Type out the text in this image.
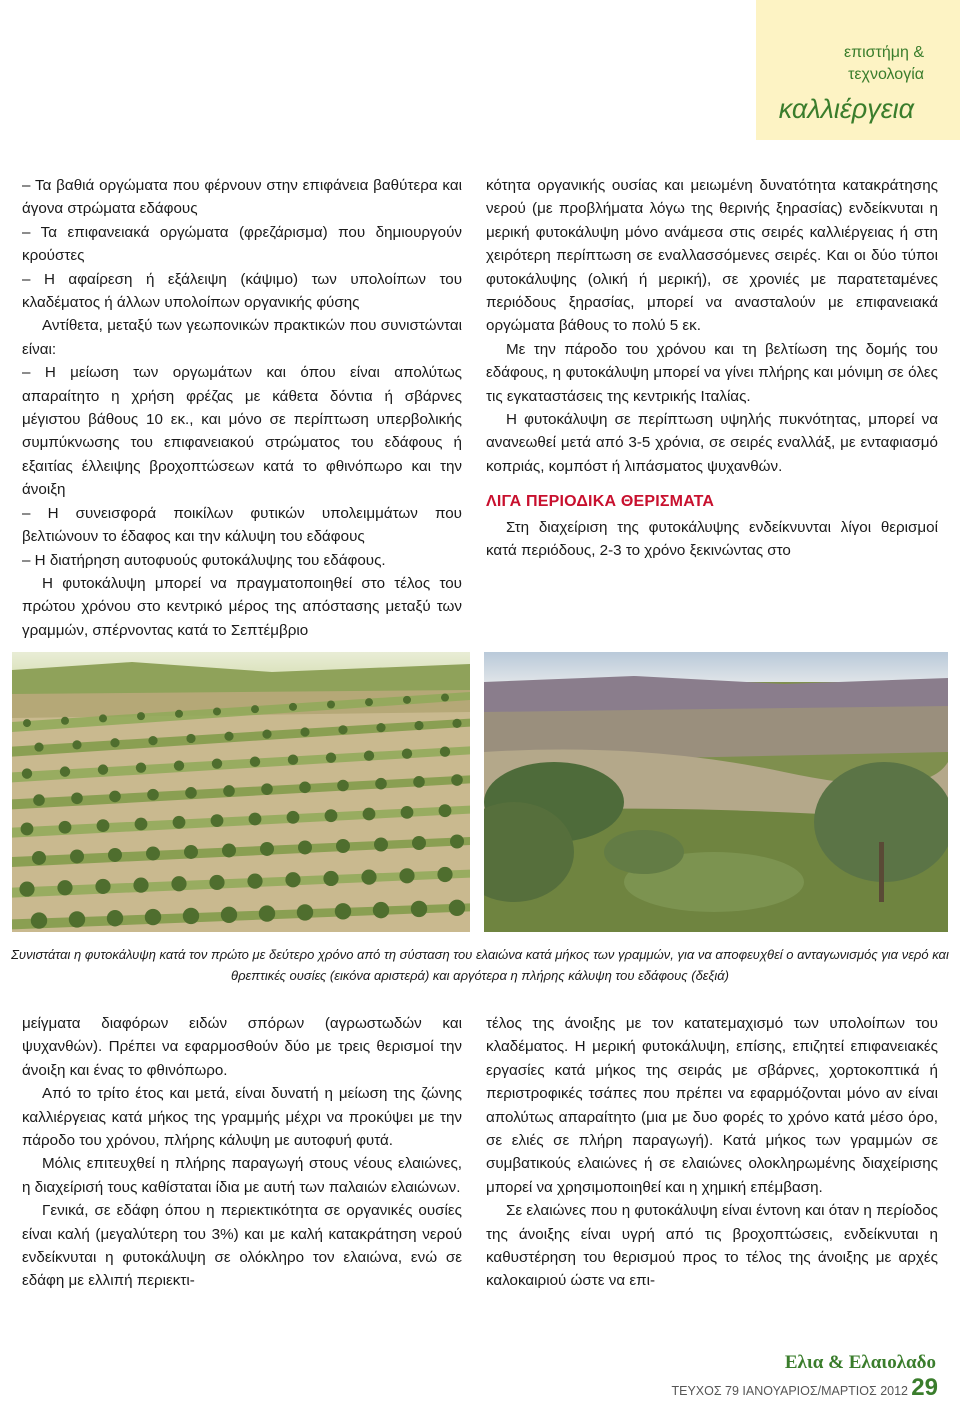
επιστήμη &
τεχνολογία
καλλιέργεια

– Τα βαθιά οργώματα που φέρνουν στην επιφάνεια βαθύτερα και άγονα στρώματα εδάφους

– Τα επιφανειακά οργώματα (φρεζάρισμα) που δημιουργούν κρούστες

– Η αφαίρεση ή εξάλειψη (κάψιμο) των υπολοίπων του κλαδέματος ή άλλων υπολοίπων οργανικής φύσης

Αντίθετα, μεταξύ των γεωπονικών πρακτικών που συνιστώνται είναι:

– Η μείωση των οργωμάτων και όπου είναι απολύτως απαραίτητο η χρήση φρέζας με κάθετα δόντια ή σβάρνες μέγιστου βάθους 10 εκ., και μόνο σε περίπτωση υπερβολικής συμπύκνωσης του επιφανειακού στρώματος του εδάφους ή εξαιτίας έλλειψης βροχοπτώσεων κατά το φθινόπωρο και την άνοιξη

– Η συνεισφορά ποικίλων φυτικών υπολειμμάτων που βελτιώνουν το έδαφος και την κάλυψη του εδάφους

– Η διατήρηση αυτοφυούς φυτοκάλυψης του εδάφους.

Η φυτοκάλυψη μπορεί να πραγματοποιηθεί στο τέλος του πρώτου χρόνου στο κεντρικό μέρος της απόστασης μεταξύ των γραμμών, σπέρνοντας κατά το Σεπτέμβριο

κότητα οργανικής ουσίας και μειωμένη δυνατότητα κατακράτησης νερού (με προβλήματα λόγω της θερινής ξηρασίας) ενδείκνυται η μερική φυτοκάλυψη μόνο ανάμεσα στις σειρές καλλιέργειας ή στη χειρότερη περίπτωση σε εναλλασσόμενες σειρές. Και οι δύο τύποι φυτοκάλυψης (ολική ή μερική), σε χρονιές με παρατεταμένες περιόδους ξηρασίας, μπορεί να ανασταλούν με επιφανειακά οργώματα βάθους το πολύ 5 εκ.

Με την πάροδο του χρόνου και τη βελτίωση της δομής του εδάφους, η φυτοκάλυψη μπορεί να γίνει πλήρης και μόνιμη σε όλες τις εγκαταστάσεις της κεντρικής Ιταλίας.

Η φυτοκάλυψη σε περίπτωση υψηλής πυκνότητας, μπορεί να ανανεωθεί μετά από 3-5 χρόνια, σε σειρές εναλλάξ, με ενταφιασμό κοπριάς, κομπόστ ή λιπάσματος ψυχανθών.

ΛΙΓΑ ΠΕΡΙΟΔΙΚΑ ΘΕΡΙΣΜΑΤΑ

Στη διαχείριση της φυτοκάλυψης ενδείκνυνται λίγοι θερισμοί κατά περιόδους, 2-3 το χρόνο ξεκινώντας στο

Συνιστάται η φυτοκάλυψη κατά τον πρώτο με δεύτερο χρόνο από τη σύσταση του ελαιώνα κατά μήκος των γραμμών, για να αποφευχθεί ο ανταγωνισμός για νερό και θρεπτικές ουσίες (εικόνα αριστερά) και αργότερα η πλήρης κάλυψη του εδάφους (δεξιά)

μείγματα διαφόρων ειδών σπόρων (αγρωστωδών και ψυχανθών). Πρέπει να εφαρμοσθούν δύο με τρεις θερισμοί την άνοιξη και ένας το φθινόπωρο.

Από το τρίτο έτος και μετά, είναι δυνατή η μείωση της ζώνης καλλιέργειας κατά μήκος της γραμμής μέχρι να προκύψει με την πάροδο του χρόνου, πλήρης κάλυψη με αυτοφυή φυτά.

Μόλις επιτευχθεί η πλήρης παραγωγή στους νέους ελαιώνες, η διαχείρισή τους καθίσταται ίδια με αυτή των παλαιών ελαιώνων.

Γενικά, σε εδάφη όπου η περιεκτικότητα σε οργανικές ουσίες είναι καλή (μεγαλύτερη του 3%) και με καλή κατακράτηση νερού ενδείκνυται η φυτοκάλυψη σε ολόκληρο τον ελαιώνα, ενώ σε εδάφη με ελλιπή περιεκτι-

τέλος της άνοιξης με τον κατατεμαχισμό των υπολοίπων του κλαδέματος. Η μερική φυτοκάλυψη, επίσης, επιζητεί επιφανειακές εργασίες κατά μήκος της σειράς με σβάρνες, χορτοκοπτικά ή περιστροφικές τσάπες που πρέπει να εφαρμόζονται μόνο αν είναι απολύτως απαραίτητο (μια με δυο φορές το χρόνο κατά μέσο όρο, σε ελιές σε πλήρη παραγωγή). Κατά μήκος των γραμμών σε συμβατικούς ελαιώνες ή σε ελαιώνες ολοκληρωμένης διαχείρισης μπορεί να χρησιμοποιηθεί και η χημική επέμβαση.

Σε ελαιώνες που η φυτοκάλυψη είναι έντονη και όταν η περίοδος της άνοιξης είναι υγρή από τις βροχοπτώσεις, ενδείκνυται η καθυστέρηση του θερισμού προς το τέλος της άνοιξης με αρχές καλοκαιριού ώστε να επι-

Ελια & Ελαιολαδο
ΤΕΥΧΟΣ 79 ΙΑΝΟΥΑΡΙΟΣ/ΜΑΡΤΙΟΣ 2012 29
